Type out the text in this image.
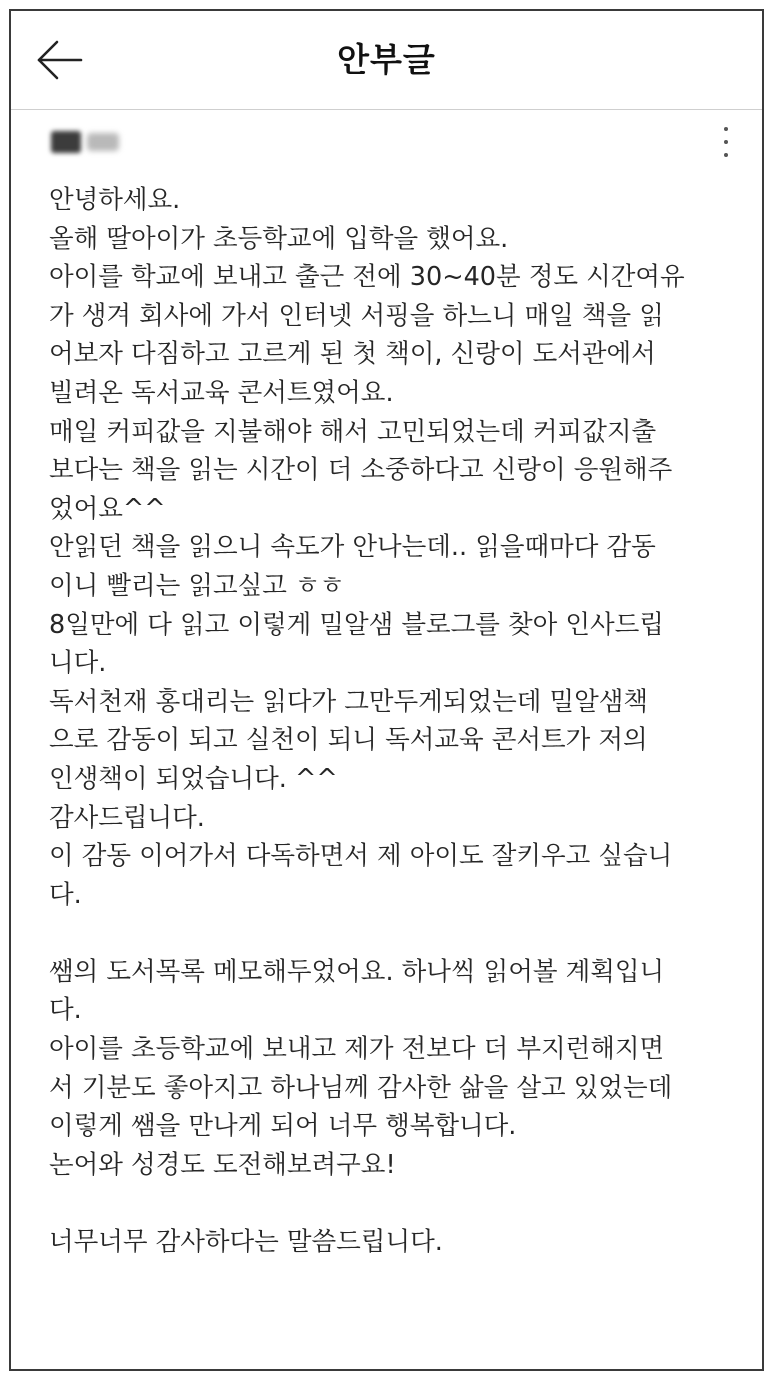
안부글
안녕하세요.
올해 딸아이가 초등학교에 입학을 했어요.
아이를 학교에 보내고 출근 전에 30~40분 정도 시간여유
가 생겨 회사에 가서 인터넷 서핑을 하느니 매일 책을 읽
어보자 다짐하고 고르게 된 첫 책이, 신랑이 도서관에서
빌려온 독서교육 콘서트였어요.
매일 커피값을 지불해야 해서 고민되었는데 커피값지출
보다는 책을 읽는 시간이 더 소중하다고 신랑이 응원해주
었어요^^
안읽던 책을 읽으니 속도가 안나는데.. 읽을때마다 감동
이니 빨리는 읽고싶고 ㅎㅎ
8일만에 다 읽고 이렇게 밀알샘 블로그를 찾아 인사드립
니다.
독서천재 홍대리는 읽다가 그만두게되었는데 밀알샘책
으로 감동이 되고 실천이 되니 독서교육 콘서트가 저의
인생책이 되었습니다. ^^
감사드립니다.
이 감동 이어가서 다독하면서 제 아이도 잘키우고 싶습니
다.
쌤의 도서목록 메모해두었어요. 하나씩 읽어볼 계획입니
다.
아이를 초등학교에 보내고 제가 전보다 더 부지런해지면
서 기분도 좋아지고 하나님께 감사한 삶을 살고 있었는데
이렇게 쌤을 만나게 되어 너무 행복합니다.
논어와 성경도 도전해보려구요!
너무너무 감사하다는 말씀드립니다.
